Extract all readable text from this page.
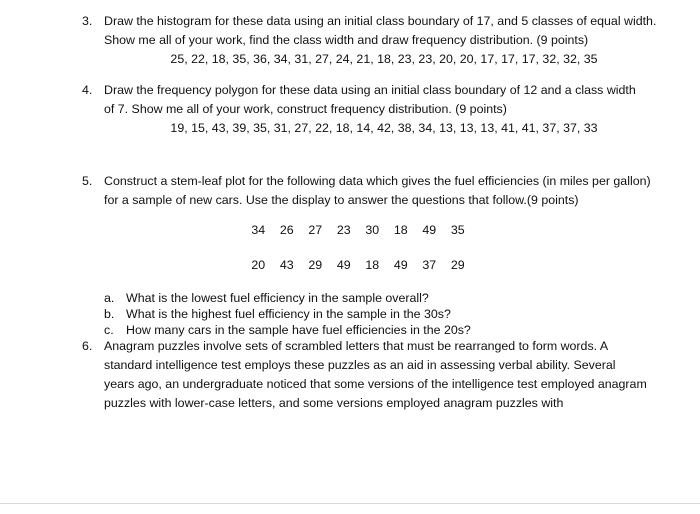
3. Draw the histogram for these data using an initial class boundary of 17, and 5 classes of equal width. Show me all of your work, find the class width and draw frequency distribution. (9 points)
25, 22, 18, 35, 36, 34, 31, 27, 24, 21, 18, 23, 23, 20, 20, 17, 17, 17, 32, 32, 35
4. Draw the frequency polygon for these data using an initial class boundary of 12 and a class width of 7. Show me all of your work, construct frequency distribution. (9 points)
19, 15, 43, 39, 35, 31, 27, 22, 18, 14, 42, 38, 34, 13, 13, 13, 41, 41, 37, 37, 33
5. Construct a stem-leaf plot for the following data which gives the fuel efficiencies (in miles per gallon) for a sample of new cars. Use the display to answer the questions that follow.(9 points)
34 26 27 23 30 18 49 35
20 43 29 49 18 49 37 29
a. What is the lowest fuel efficiency in the sample overall?
b. What is the highest fuel efficiency in the sample in the 30s?
c. How many cars in the sample have fuel efficiencies in the 20s?
6. Anagram puzzles involve sets of scrambled letters that must be rearranged to form words. A standard intelligence test employs these puzzles as an aid in assessing verbal ability. Several years ago, an undergraduate noticed that some versions of the intelligence test employed anagram puzzles with lower-case letters, and some versions employed anagram puzzles with
